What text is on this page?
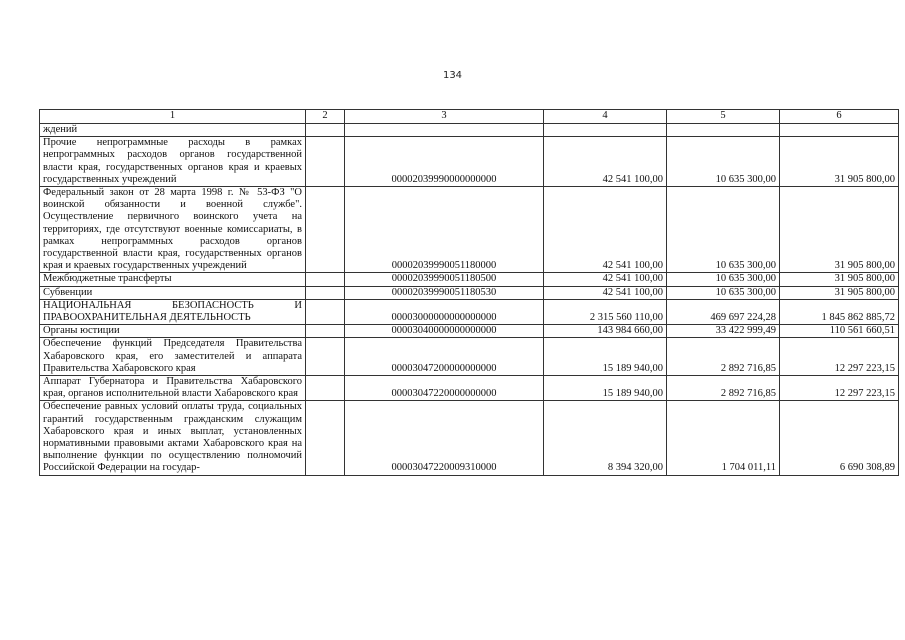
134
1	2	3	4	5	6
ждений					
Прочие непрограммные расходы в рамках непрограммных расходов органов государственной власти края, государственных органов края и краевых государственных учреждений		00002039990000000000	42 541 100,00	10 635 300,00	31 905 800,00
Федеральный закон от 28 марта 1998 г. № 53-ФЗ "О воинской обязанности и военной службе". Осуществление первичного воинского учета на территориях, где отсутствуют военные комиссариаты, в рамках непрограммных расходов органов государственной власти края, государственных органов края и краевых государственных учреждений		00002039990051180000	42 541 100,00	10 635 300,00	31 905 800,00
Межбюджетные трансферты		00002039990051180500	42 541 100,00	10 635 300,00	31 905 800,00
Субвенции		00002039990051180530	42 541 100,00	10 635 300,00	31 905 800,00
НАЦИОНАЛЬНАЯ БЕЗОПАСНОСТЬ И ПРАВООХРАНИТЕЛЬНАЯ ДЕЯТЕЛЬНОСТЬ		00003000000000000000	2 315 560 110,00	469 697 224,28	1 845 862 885,72
Органы юстиции		00003040000000000000	143 984 660,00	33 422 999,49	110 561 660,51
Обеспечение функций Председателя Правительства Хабаровского края, его заместителей и аппарата Правительства Хабаровского края		00003047200000000000	15 189 940,00	2 892 716,85	12 297 223,15
Аппарат Губернатора и Правительства Хабаровского края, органов исполнительной власти Хабаровского края		00003047220000000000	15 189 940,00	2 892 716,85	12 297 223,15
Обеспечение равных условий оплаты труда, социальных гарантий государственным гражданским служащим Хабаровского края и иных выплат, установленных нормативными правовыми актами Хабаровского края на выполнение функции по осуществлению полномочий Российской Федерации на государ-		00003047220009310000	8 394 320,00	1 704 011,11	6 690 308,89
